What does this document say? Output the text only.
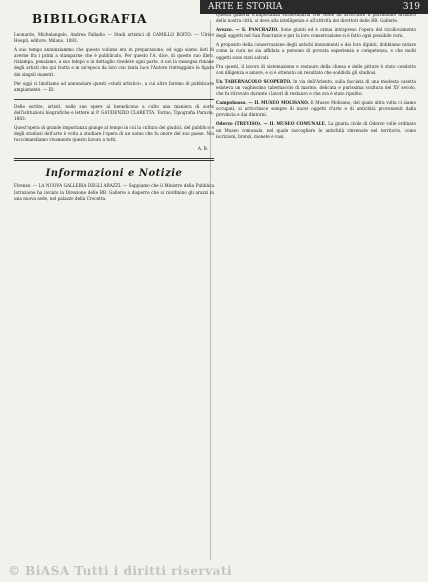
ARTE E STORIA	319
BIBILOGRAFIA

Leonardo, Michelangelo, Andrea Palladio — Studi artistici di CAMILLO BOITO. — Ulrico Hoepli, editore, Milano, 1883.

A suo tempo annunziammo che questo volume era in preparazione, ed oggi siamo lieti di averne fra i primi a stamparne che è pubblicato. Per questo l'A. dice, di questo suo libro, ristampa, pensiamo, a suo tempo e in dettaglio rivedere ogni parte. A noi la rassegna rimane degli artisti che qui tratta e in un'epoca da loro con tanta luce l'Autore tratteggiato le figure dei singoli maestri.

Per oggi ci limitiamo ad annunziare questi «studi artistici», a cui altro faremo di pubblicare ampiamente. — ID.

Delle sortite, artisti, nelle sue opere al benedicono a culto una maniera di sorte dell'istituzioni biografiche e lettere al P. GAUDENZIO CLARETTA. Torino, Tipografia Paravia, 1883.

Quest'opera di grande importanza giunge al tempo in cui la cultura dei giudici, del pubblico e degli studiosi dell'arte è volta a studiare l'opera di un uomo che fu onore del suo paese. Noi raccomandiamo vivamente questo lavoro a tutti.

A. B.
Informazioni e Notizie

Firenze. — LA NUOVA GALLERIA DEGLI ARAZZI. — Sappiamo che il Ministro della Pubblica Istruzione ha inviato la Direzione delle RR. Gallerie a disporre che si riordinino gli arazzi in una nuova sede, nel palazzo della Crocetta.

Questa galleria d'importanza straordinaria che viene ad arricchire il patrimonio artistico della nostra città, si deve alla intelligenza e all'attività dei direttori delle RR. Gallerie.

Arezzo. — S. PANCRAZIO. Sono giunti ed è ormai intrapreso l'opera del ricollocamento degli oggetti nel San Pancrazio e per la loro conservazione si è fatto ogni possibile cura.

A proposito della conservazione degli antichi monumenti e dei loro dipinti, dobbiamo notare come la cura ne sia affidata a persone di provata esperienza e competenza, e che molti oggetti sono stati salvati.

Fra questi, il lavoro di sistemazione e restauro della chiesa e delle pitture è stato condotto con diligenza e amore, e si è ottenuto un resultato che soddisfa gli studiosi.

Un TABERNACOLO SCOPERTO. In via dell'Ariento, sulla facciata di una modesta casetta esisteva un vaghissimo tabernacolo di marmo, delicata e purissima scultura del XV secolo, che fu ritrovato durante i lavori di restauro e che ora è stato ripulito.

Campobasso. — IL MUSEO MOLISANO. Il Museo Molisano, del quale altra volta ci siamo occupati, si arricchisce sempre di nuovi oggetti d'arte e di antichità provenienti dalla provincia e dai dintorni.

Oderzo (TREVISO). — IL MUSEO COMUNALE. La giunta civile di Oderzo volle ordinato un Museo comunale, nel quale raccogliere le antichità rinvenute nel territorio, come iscrizioni, bronzi, monete e vasi.

© BiASA Tutti i diritti riservati
